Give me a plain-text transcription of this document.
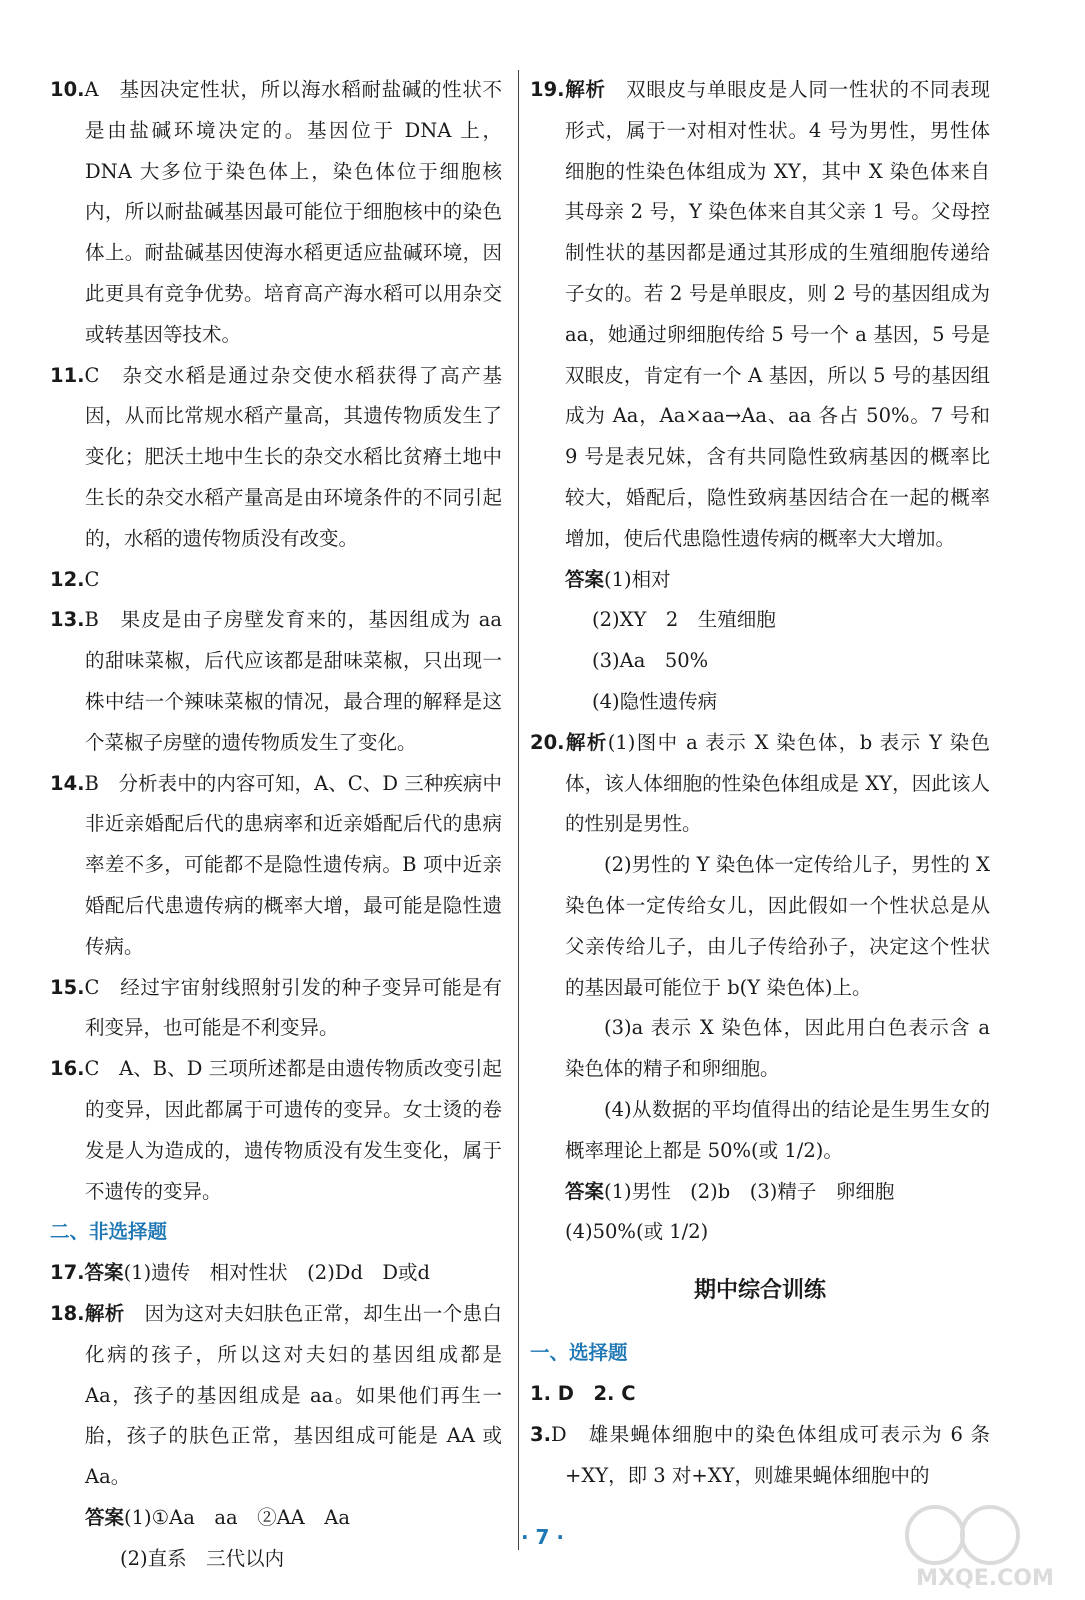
10.A　 基因决定性状，所以海水稻耐盐碱的性状不是由盐碱环境决定的。基因位于 DNA 上，DNA 大多位于染色体上，染色体位于细胞核内，所以耐盐碱基因最可能位于细胞核中的染色体上。耐盐碱基因使海水稻更适应盐碱环境，因此更具有竞争优势。培育高产海水稻可以用杂交或转基因等技术。

11.C　 杂交水稻是通过杂交使水稻获得了高产基因，从而比常规水稻产量高，其遗传物质发生了变化；肥沃土地中生长的杂交水稻比贫瘠土地中生长的杂交水稻产量高是由环境条件的不同引起的，水稻的遗传物质没有改变。

12.C

13.B　 果皮是由子房壁发育来的，基因组成为 aa 的甜味菜椒，后代应该都是甜味菜椒，只出现一株中结一个辣味菜椒的情况，最合理的解释是这个菜椒子房壁的遗传物质发生了变化。

14.B　 分析表中的内容可知，A、C、D 三种疾病中非近亲婚配后代的患病率和近亲婚配后代的患病率差不多，可能都不是隐性遗传病。B 项中近亲婚配后代患遗传病的概率大增，最可能是隐性遗传病。

15.C　 经过宇宙射线照射引发的种子变异可能是有利变异，也可能是不利变异。

16.C　 A、B、D 三项所述都是由遗传物质改变引起的变异，因此都属于可遗传的变异。女士烫的卷发是人为造成的，遗传物质没有发生变化，属于不遗传的变异。

二、非选择题

17.答案(1)遗传　相对性状　(2)Dd　D或d

18.解析　 因为这对夫妇肤色正常，却生出一个患白化病的孩子，所以这对夫妇的基因组成都是 Aa，孩子的基因组成是 aa。如果他们再生一胎，孩子的肤色正常，基因组成可能是 AA 或 Aa。

答案(1)①Aa　aa　②AA　Aa

(2)直系　三代以内

19.解析　 双眼皮与单眼皮是人同一性状的不同表现形式，属于一对相对性状。4 号为男性，男性体细胞的性染色体组成为 XY，其中 X 染色体来自其母亲 2 号，Y 染色体来自其父亲 1 号。父母控制性状的基因都是通过其形成的生殖细胞传递给子女的。若 2 号是单眼皮，则 2 号的基因组成为 aa，她通过卵细胞传给 5 号一个 a 基因，5 号是双眼皮，肯定有一个 A 基因，所以 5 号的基因组成为 Aa，Aa×aa→Aa、aa 各占 50%。7 号和 9 号是表兄妹，含有共同隐性致病基因的概率比较大，婚配后，隐性致病基因结合在一起的概率增加，使后代患隐性遗传病的概率大大增加。

答案(1)相对

(2)XY　2　生殖细胞

(3)Aa　50%

(4)隐性遗传病

20.解析(1)图中 a 表示 X 染色体，b 表示 Y 染色体，该人体细胞的性染色体组成是 XY，因此该人的性别是男性。

(2)男性的 Y 染色体一定传给儿子，男性的 X 染色体一定传给女儿，因此假如一个性状总是从父亲传给儿子，由儿子传给孙子，决定这个性状的基因最可能位于 b(Y 染色体)上。

(3)a 表示 X 染色体，因此用白色表示含 a 染色体的精子和卵细胞。

(4)从数据的平均值得出的结论是生男生女的概率理论上都是 50%(或 1/2)。

答案(1)男性　(2)b　(3)精子　卵细胞

(4)50%(或 1/2)

期中综合训练

一、选择题

1. D　2. C

3.D　 雄果蝇体细胞中的染色体组成可表示为 6 条+XY，即 3 对+XY，则雄果蝇体细胞中的

· 7 ·
MXQE.COM
